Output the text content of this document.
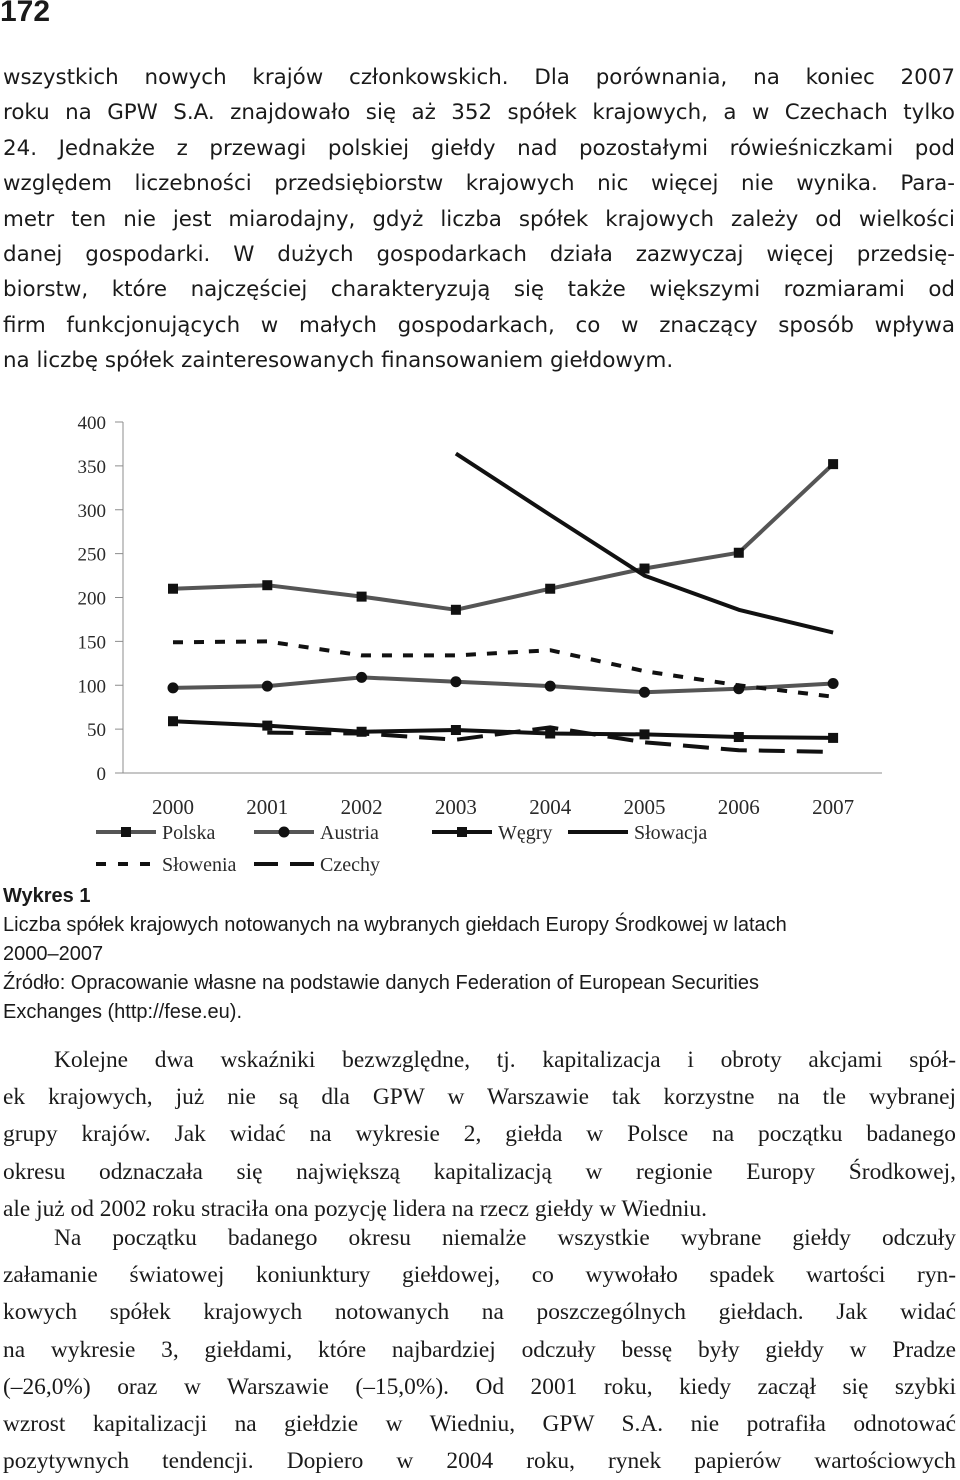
172
wszystkich nowych krajów członkowskich. Dla porównania, na koniec 2007
roku na GPW S.A. znajdowało się aż 352 spółek krajowych, a w Czechach tylko
24. Jednakże z przewagi polskiej giełdy nad pozostałymi rówieśniczkami pod
względem liczebności przedsiębiorstw krajowych nic więcej nie wynika. Para-
metr ten nie jest miarodajny, gdyż liczba spółek krajowych zależy od wielkości
danej gospodarki. W dużych gospodarkach działa zazwyczaj więcej przedsię-
biorstw, które najczęściej charakteryzują się także większymi rozmiarami od
firm funkcjonujących w małych gospodarkach, co w znaczący sposób wpływa
na liczbę spółek zainteresowanych finansowaniem giełdowym.
0
50
100
150
200
250
300
350
400
2000 2001 2002 2003 2004 2005 2006 2007
Polska	Austria	Węgry	Słowacja
Słowenia	Czechy
Wykres 1
Liczba spółek krajowych notowanych na wybranych giełdach Europy Środkowej w latach
2000–2007
Źródło: Opracowanie własne na podstawie danych Federation of European Securities
Exchanges (http://fese.eu).
Kolejne dwa wskaźniki bezwzględne, tj. kapitalizacja i obroty akcjami spół-
ek krajowych, już nie są dla GPW w Warszawie tak korzystne na tle wybranej
grupy krajów. Jak widać na wykresie 2, giełda w Polsce na początku badanego
okresu odznaczała się największą kapitalizacją w regionie Europy Środkowej,
ale już od 2002 roku straciła ona pozycję lidera na rzecz giełdy w Wiedniu.
Na początku badanego okresu niemalże wszystkie wybrane giełdy odczuły
załamanie światowej koniunktury giełdowej, co wywołało spadek wartości ryn-
kowych spółek krajowych notowanych na poszczególnych giełdach. Jak widać
na wykresie 3, giełdami, które najbardziej odczuły bessę były giełdy w Pradze
(–26,0%) oraz w Warszawie (–15,0%). Od 2001 roku, kiedy zaczął się szybki
wzrost kapitalizacji na giełdzie w Wiedniu, GPW S.A. nie potrafiła odnotować
pozytywnych tendencji. Dopiero w 2004 roku, rynek papierów wartościowych
